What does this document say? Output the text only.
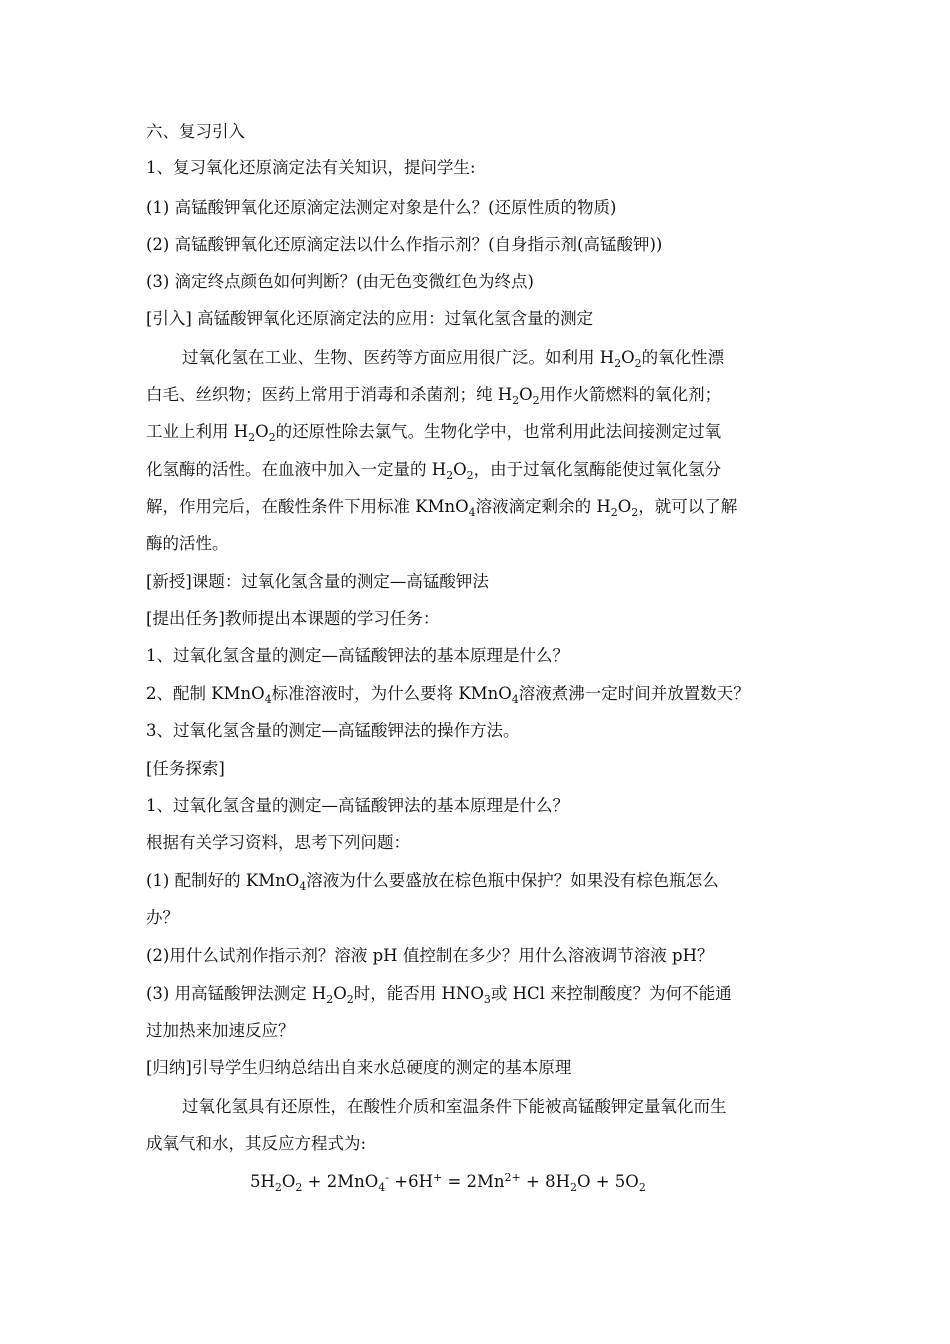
六、复习引入
1、复习氧化还原滴定法有关知识，提问学生:
(1) 高锰酸钾氧化还原滴定法测定对象是什么？(还原性质的物质)
(2) 高锰酸钾氧化还原滴定法以什么作指示剂？(自身指示剂(高锰酸钾))
(3) 滴定终点颜色如何判断？(由无色变微红色为终点)
[引入] 高锰酸钾氧化还原滴定法的应用：过氧化氢含量的测定
过氧化氢在工业、生物、医药等方面应用很广泛。如利用 $H_2O_2$的氧化性漂
白毛、丝织物；医药上常用于消毒和杀菌剂；纯 $H_2O_2$用作火箭燃料的氧化剂；
工业上利用 $H_2O_2$的还原性除去氯气。生物化学中，也常利用此法间接测定过氧
化氢酶的活性。在血液中加入一定量的 $H_2O_2$，由于过氧化氢酶能使过氧化氢分
解，作用完后，在酸性条件下用标准 KMnO$_4$溶液滴定剩余的 $H_2O_2$，就可以了解
酶的活性。
[新授]课题：过氧化氢含量的测定—高锰酸钾法
[提出任务]教师提出本课题的学习任务：
1、过氧化氢含量的测定—高锰酸钾法的基本原理是什么？
2、配制 KMnO$_4$标准溶液时，为什么要将 KMnO$_4$溶液煮沸一定时间并放置数天？
3、过氧化氢含量的测定—高锰酸钾法的操作方法。
[任务探索]
1、过氧化氢含量的测定—高锰酸钾法的基本原理是什么？
根据有关学习资料，思考下列问题：
(1) 配制好的 KMnO$_4$溶液为什么要盛放在棕色瓶中保护？如果没有棕色瓶怎么
办？
(2)用什么试剂作指示剂？溶液 pH 值控制在多少？用什么溶液调节溶液 pH？
(3) 用高锰酸钾法测定 $H_2O_2$时，能否用 $HNO_3$或 HCl 来控制酸度？为何不能通
过加热来加速反应？
[归纳]引导学生归纳总结出自来水总硬度的测定的基本原理
过氧化氢具有还原性，在酸性介质和室温条件下能被高锰酸钾定量氧化而生
成氧气和水，其反应方程式为:
$5H_2O_2 + 2MnO_4^- +6H^+ = 2Mn^{2+} + 8H_2O + 5O_2$
